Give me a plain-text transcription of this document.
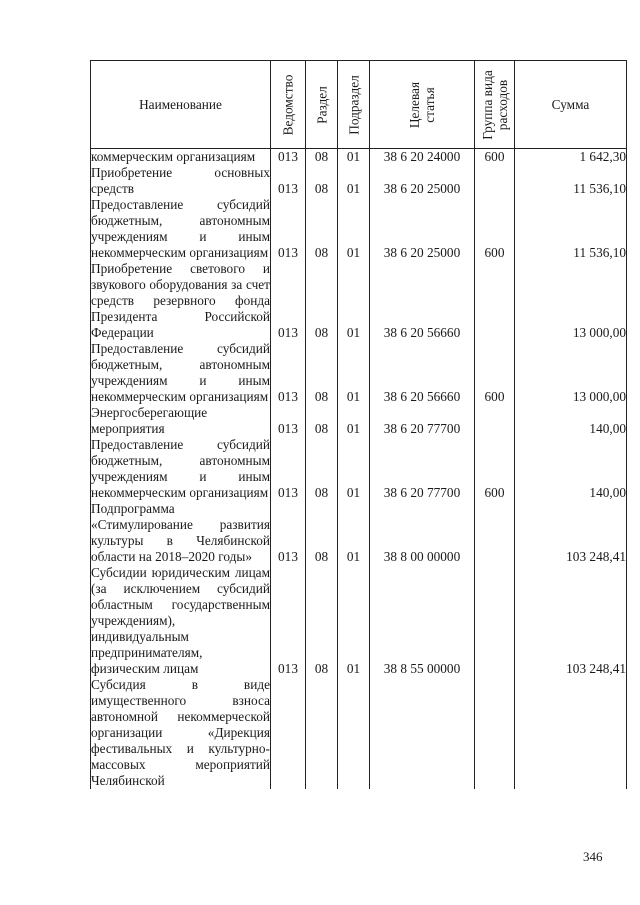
Наименование	Ведомство	Раздел	Подраздел	Целевая статья	Группа вида расходов	Сумма
коммерческим организациям	013	08	01	38 6 20 24000	600	1 642,30
Приобретение основных средств	013	08	01	38 6 20 25000		11 536,10
Предоставление субсидий бюджетным, автономным учреждениям и иным некоммерческим организациям	013	08	01	38 6 20 25000	600	11 536,10
Приобретение светового и звукового оборудования за счет средств резервного фонда Президента Российской Федерации	013	08	01	38 6 20 56660		13 000,00
Предоставление субсидий бюджетным, автономным учреждениям и иным некоммерческим организациям	013	08	01	38 6 20 56660	600	13 000,00
Энергосберегающие мероприятия	013	08	01	38 6 20 77700		140,00
Предоставление субсидий бюджетным, автономным учреждениям и иным некоммерческим организациям	013	08	01	38 6 20 77700	600	140,00
Подпрограмма «Стимулирование развития культуры в Челябинской области на 2018–2020 годы»	013	08	01	38 8 00 00000		103 248,41
Субсидии юридическим лицам (за исключением субсидий областным государственным учреждениям), индивидуальным предпринимателям, физическим лицам	013	08	01	38 8 55 00000		103 248,41
Субсидия в виде имущественного взноса автономной некоммерческой организации «Дирекция фестивальных и культурно-массовых мероприятий Челябинской						
346
